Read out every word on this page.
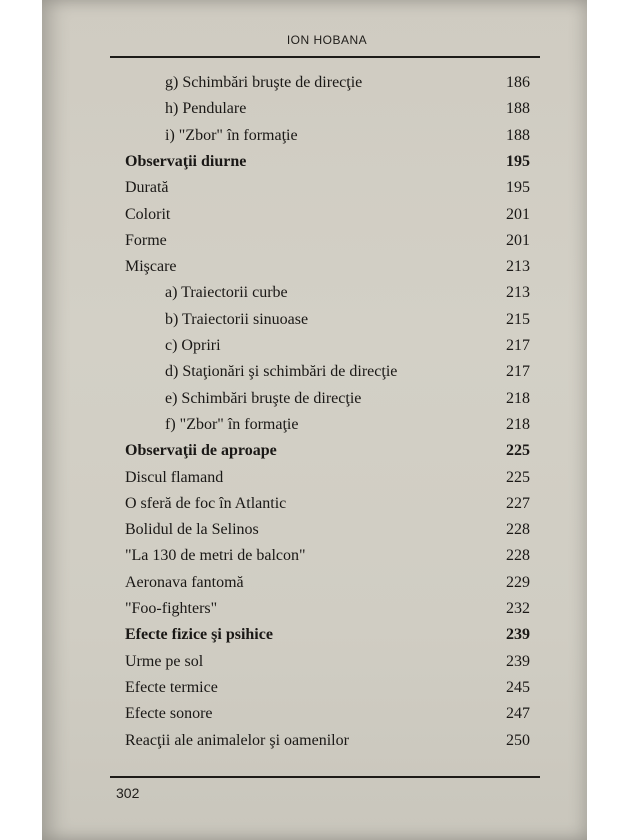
ION HOBANA
g) Schimbări bruşte de direcţie	186
h) Pendulare	188
i) "Zbor" în formaţie	188
Observaţii diurne	195
Durată	195
Colorit	201
Forme	201
Mişcare	213
a) Traiectorii curbe	213
b) Traiectorii sinuoase	215
c) Opriri	217
d) Staţionări şi schimbări de direcţie	217
e) Schimbări bruşte de direcţie	218
f) "Zbor" în formaţie	218
Observaţii de aproape	225
Discul flamand	225
O sferă de foc în Atlantic	227
Bolidul de la Selinos	228
"La 130 de metri de balcon"	228
Aeronava fantomă	229
"Foo-fighters"	232
Efecte fizice şi psihice	239
Urme pe sol	239
Efecte termice	245
Efecte sonore	247
Reacţii ale animalelor şi oamenilor	250
302
